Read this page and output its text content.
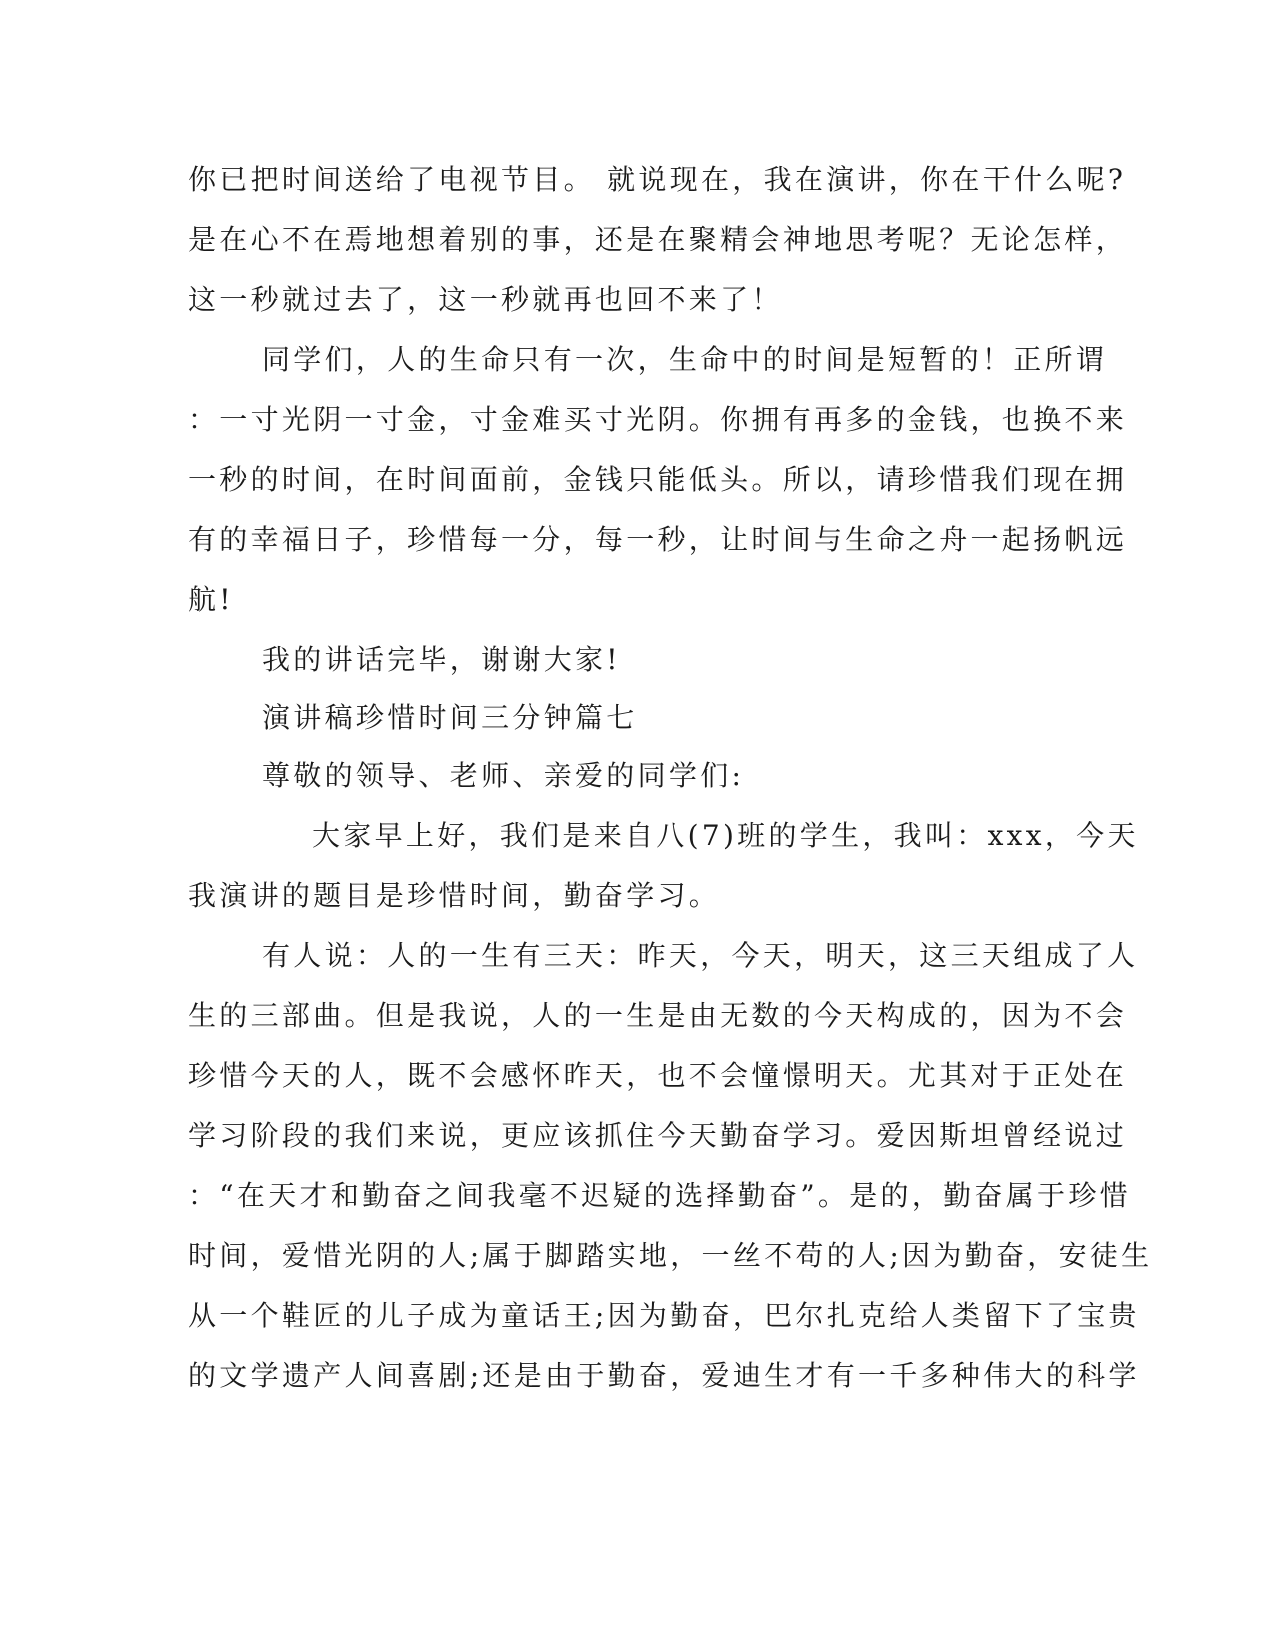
你已把时间送给了电视节目。 就说现在，我在演讲，你在干什么呢?
是在心不在焉地想着别的事，还是在聚精会神地思考呢？无论怎样，
这一秒就过去了，这一秒就再也回不来了！
同学们，人的生命只有一次，生命中的时间是短暂的！正所谓
：一寸光阴一寸金，寸金难买寸光阴。你拥有再多的金钱，也换不来
一秒的时间，在时间面前，金钱只能低头。所以，请珍惜我们现在拥
有的幸福日子，珍惜每一分，每一秒，让时间与生命之舟一起扬帆远
航!
我的讲话完毕，谢谢大家!
演讲稿珍惜时间三分钟篇七
尊敬的领导、老师、亲爱的同学们:
大家早上好，我们是来自八(7)班的学生，我叫：xxx，今天
我演讲的题目是珍惜时间，勤奋学习。
有人说：人的一生有三天：昨天，今天，明天，这三天组成了人
生的三部曲。但是我说，人的一生是由无数的今天构成的，因为不会
珍惜今天的人，既不会感怀昨天，也不会憧憬明天。尤其对于正处在
学习阶段的我们来说，更应该抓住今天勤奋学习。爱因斯坦曾经说过
：“在天才和勤奋之间我毫不迟疑的选择勤奋”。是的，勤奋属于珍惜
时间，爱惜光阴的人;属于脚踏实地，一丝不苟的人;因为勤奋，安徒生
从一个鞋匠的儿子成为童话王;因为勤奋，巴尔扎克给人类留下了宝贵
的文学遗产人间喜剧;还是由于勤奋，爱迪生才有一千多种伟大的科学
